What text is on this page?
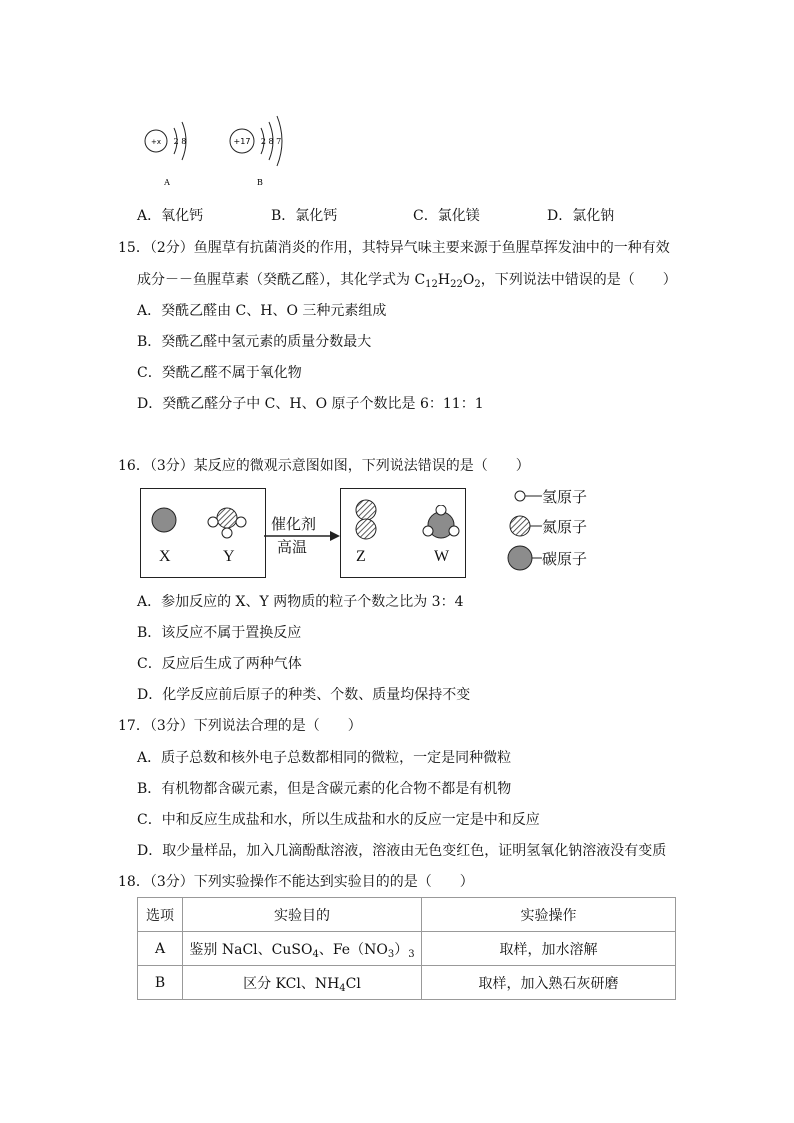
+x 2 8
A
+17 2 8 7
B
A．氧化钙	B．氯化钙	C．氯化镁	D．氯化钠
15．（2分）鱼腥草有抗菌消炎的作用，其特异气味主要来源于鱼腥草挥发油中的一种有效
成分－－鱼腥草素（癸酰乙醛），其化学式为 $C_{12}H_{22}O_2$，下列说法中错误的是（　　）
A．癸酰乙醛由 C、H、O 三种元素组成
B．癸酰乙醛中氢元素的质量分数最大
C．癸酰乙醛不属于氧化物
D．癸酰乙醛分子中 C、H、O 原子个数比是 6：11：1
16．（3分）某反应的微观示意图如图，下列说法错误的是（　　）
X	Y
催化剂
高温
Z	W
氢原子
氮原子
碳原子
A．参加反应的 X、Y 两物质的粒子个数之比为 3：4
B．该反应不属于置换反应
C．反应后生成了两种气体
D．化学反应前后原子的种类、个数、质量均保持不变
17．（3分）下列说法合理的是（　　）
A．质子总数和核外电子总数都相同的微粒，一定是同种微粒
B．有机物都含碳元素，但是含碳元素的化合物不都是有机物
C．中和反应生成盐和水，所以生成盐和水的反应一定是中和反应
D．取少量样品，加入几滴酚酞溶液，溶液由无色变红色，证明氢氧化钠溶液没有变质
18．（3分）下列实验操作不能达到实验目的的是（　　）
选项	实验目的	实验操作
A	鉴别 NaCl、CuSO$_4$、$Fe(NO_3)_3$	取样，加水溶解
B	区分 KCl、$NH_4Cl$	取样，加入熟石灰研磨
